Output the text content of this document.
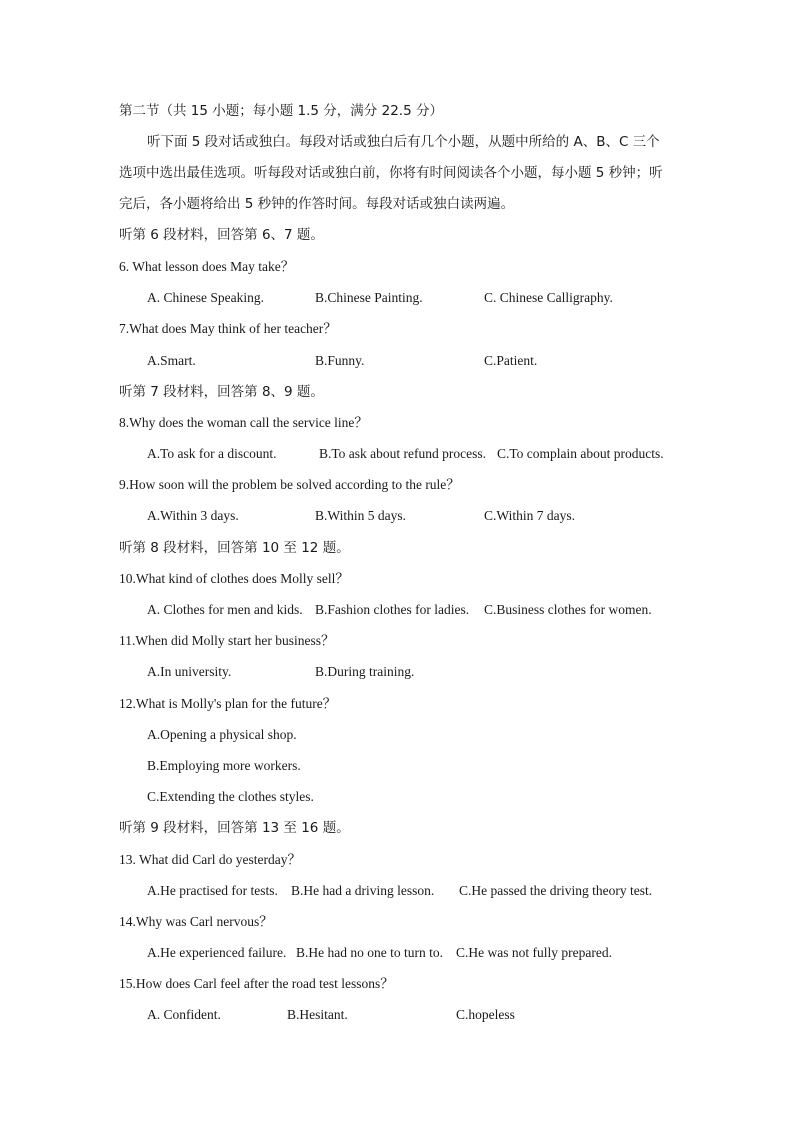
第二节（共 15 小题；每小题 1.5 分，满分 22.5 分）
听下面 5 段对话或独白。每段对话或独白后有几个小题，从题中所给的 A、B、C 三个
选项中选出最佳选项。听每段对话或独白前，你将有时间阅读各个小题，每小题 5 秒钟；听
完后，各小题将给出 5 秒钟的作答时间。每段对话或独白读两遍。
听第 6 段材料，回答第 6、7 题。
6. What lesson does May take？
A. Chinese Speaking.	B.Chinese Painting.	C. Chinese Calligraphy.
7.What does May think of her teacher？
A.Smart.	B.Funny.	C.Patient.
听第 7 段材料，回答第 8、9 题。
8.Why does the woman call the service line？
A.To ask for a discount.	B.To ask about refund process. C.To complain about products.
9.How soon will the problem be solved according to the rule？
A.Within 3 days.	B.Within 5 days.	C.Within 7 days.
听第 8 段材料，回答第 10 至 12 题。
10.What kind of clothes does Molly sell？
A. Clothes for men and kids. B.Fashion clothes for ladies. C.Business clothes for women.
11.When did Molly start her business？
A.In university.	B.During training.
12.What is Molly's plan for the future？
A.Opening a physical shop.
B.Employing more workers.
C.Extending the clothes styles.
听第 9 段材料，回答第 13 至 16 题。
13. What did Carl do yesterday？
A.He practised for tests. B.He had a driving lesson. C.He passed the driving theory test.
14.Why was Carl nervous？
A.He experienced failure. B.He had no one to turn to. C.He was not fully prepared.
15.How does Carl feel after the road test lessons？
A. Confident.	B.Hesitant.	C.hopeless
